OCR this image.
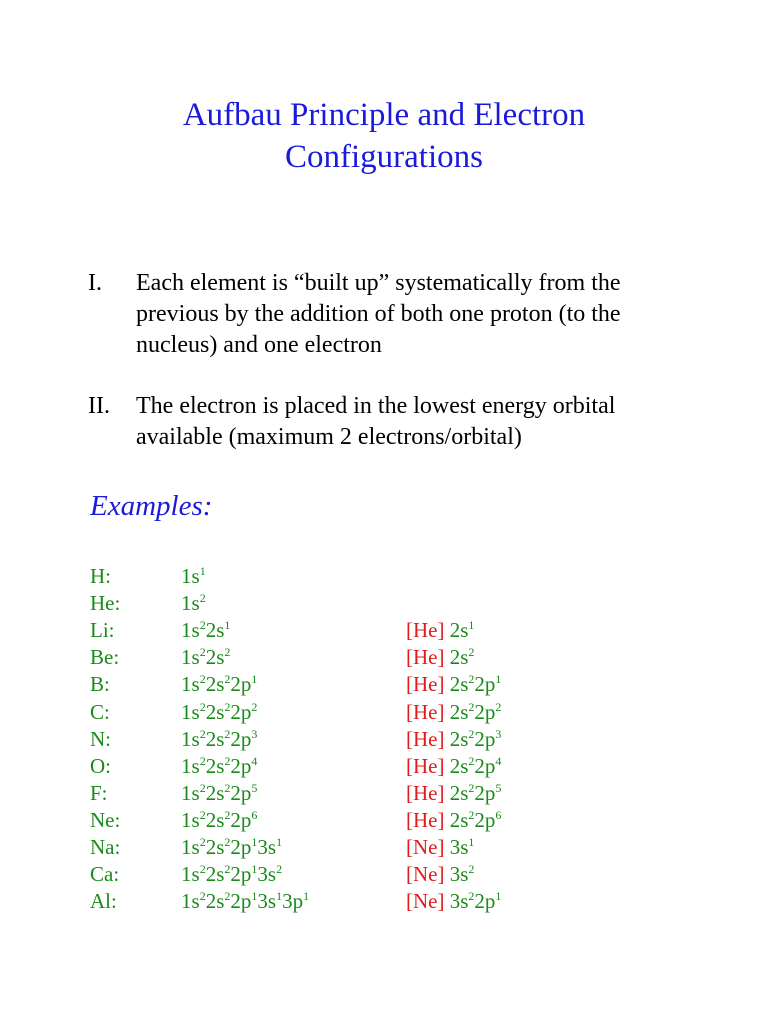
Aufbau Principle and Electron
Configurations
I. Each element is “built up” systematically from the previous by the addition of both one proton (to the nucleus) and one electron
II. The electron is placed in the lowest energy orbital available (maximum 2 electrons/orbital)
Examples:
H:	$1s^1$
He:	$1s^2$
Li:	$1s^22s^1$	[He] $2s^1$
Be:	$1s^22s^2$	[He] $2s^2$
B:	$1s^22s^22p^1$	[He] $2s^22p^1$
C:	$1s^22s^22p^2$	[He] $2s^22p^2$
N:	$1s^22s^22p^3$	[He] $2s^22p^3$
O:	$1s^22s^22p^4$	[He] $2s^22p^4$
F:	$1s^22s^22p^5$	[He] $2s^22p^5$
Ne:	$1s^22s^22p^6$	[He] $2s^22p^6$
Na:	$1s^22s^22p^13s^1$	[Ne] $3s^1$
Ca:	$1s^22s^22p^13s^2$	[Ne] $3s^2$
Al:	$1s^22s^22p^13s^13p^1$	[Ne] $3s^22p^1$
